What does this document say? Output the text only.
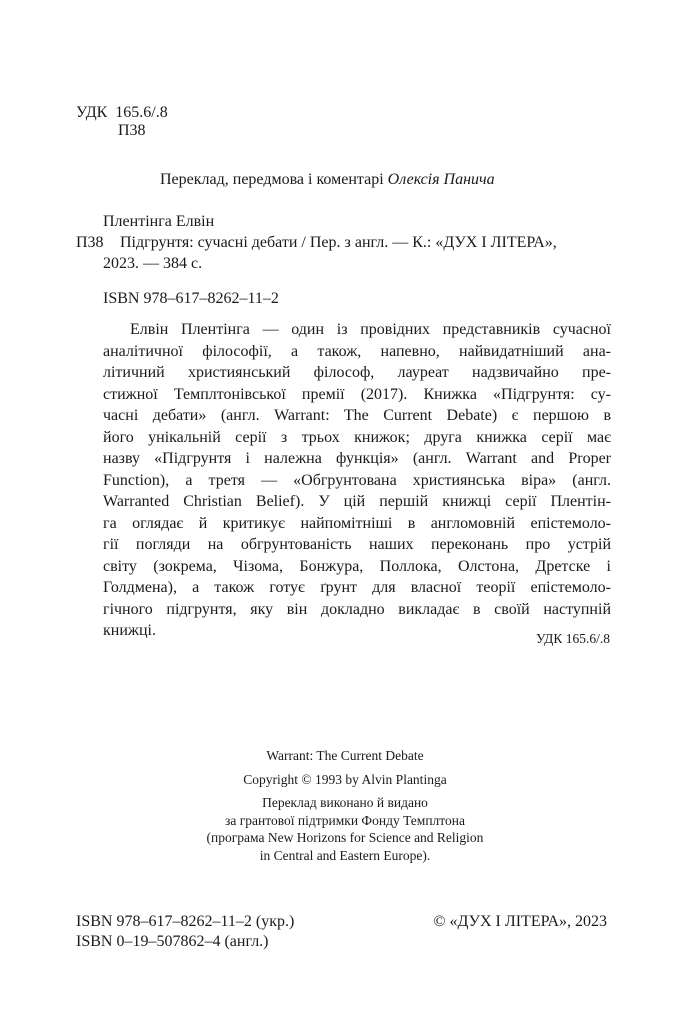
УДК 165.6/.8
П38
Переклад, передмова і коментарі Олексія Панича
Плентінга Елвін
П38 Підгрунтя: сучасні дебати / Пер. з англ. — К.: «ДУХ І ЛІТЕРА»,
2023. — 384 с.
ISBN 978–617–8262–11–2
Елвін Плентінга — один із провідних представників сучасної
аналітичної філософії, а також, напевно, найвидатніший ана-
літичний християнський філософ, лауреат надзвичайно пре-
стижної Темплтонівської премії (2017). Книжка «Підгрунтя: су-
часні дебати» (англ. Warrant: The Current Debate) є першою в
його унікальній серії з трьох книжок; друга книжка серії має
назву «Підгрунтя і належна функція» (англ. Warrant and Proper
Function), а третя — «Обгрунтована християнська віра» (англ.
Warranted Christian Belief). У цій першій книжці серії Плентін-
га оглядає й критикує найпомітніші в англомовній епістемоло-
гії погляди на обгрунтованість наших переконань про устрій
світу (зокрема, Чізома, Бонжура, Поллока, Олстона, Дретске і
Голдмена), а також готує ґрунт для власної теорії епістемоло-
гічного підгрунтя, яку він докладно викладає в своїй наступній
книжці.	УДК 165.6/.8
Warrant: The Current Debate
Copyright © 1993 by Alvin Plantinga
Переклад виконано й видано
за грантової підтримки Фонду Темплтона
(програма New Horizons for Science and Religion
in Central and Eastern Europe).
ISBN 978–617–8262–11–2 (укр.)
ISBN 0–19–507862–4 (англ.)
© «ДУХ І ЛІТЕРА», 2023
